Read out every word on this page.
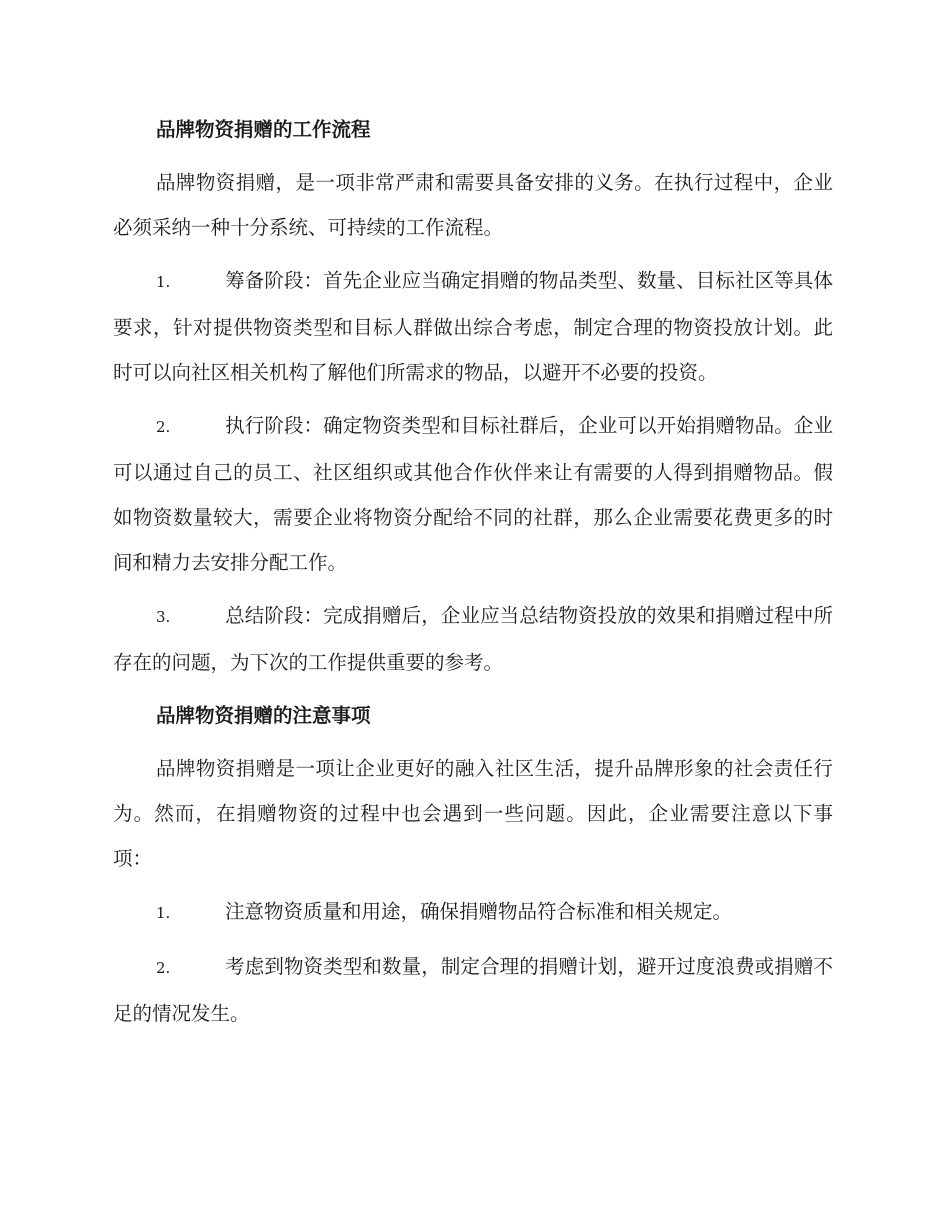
品牌物资捐赠的工作流程

品牌物资捐赠，是一项非常严肃和需要具备安排的义务。在执行过程中，企业必须采纳一种十分系统、可持续的工作流程。

1.	筹备阶段：首先企业应当确定捐赠的物品类型、数量、目标社区等具体要求，针对提供物资类型和目标人群做出综合考虑，制定合理的物资投放计划。此时可以向社区相关机构了解他们所需求的物品，以避开不必要的投资。

2.	执行阶段：确定物资类型和目标社群后，企业可以开始捐赠物品。企业可以通过自己的员工、社区组织或其他合作伙伴来让有需要的人得到捐赠物品。假如物资数量较大，需要企业将物资分配给不同的社群，那么企业需要花费更多的时间和精力去安排分配工作。

3.	总结阶段：完成捐赠后，企业应当总结物资投放的效果和捐赠过程中所存在的问题，为下次的工作提供重要的参考。

品牌物资捐赠的注意事项

品牌物资捐赠是一项让企业更好的融入社区生活，提升品牌形象的社会责任行为。然而，在捐赠物资的过程中也会遇到一些问题。因此，企业需要注意以下事项：

1.	注意物资质量和用途，确保捐赠物品符合标准和相关规定。

2.	考虑到物资类型和数量，制定合理的捐赠计划，避开过度浪费或捐赠不足的情况发生。
